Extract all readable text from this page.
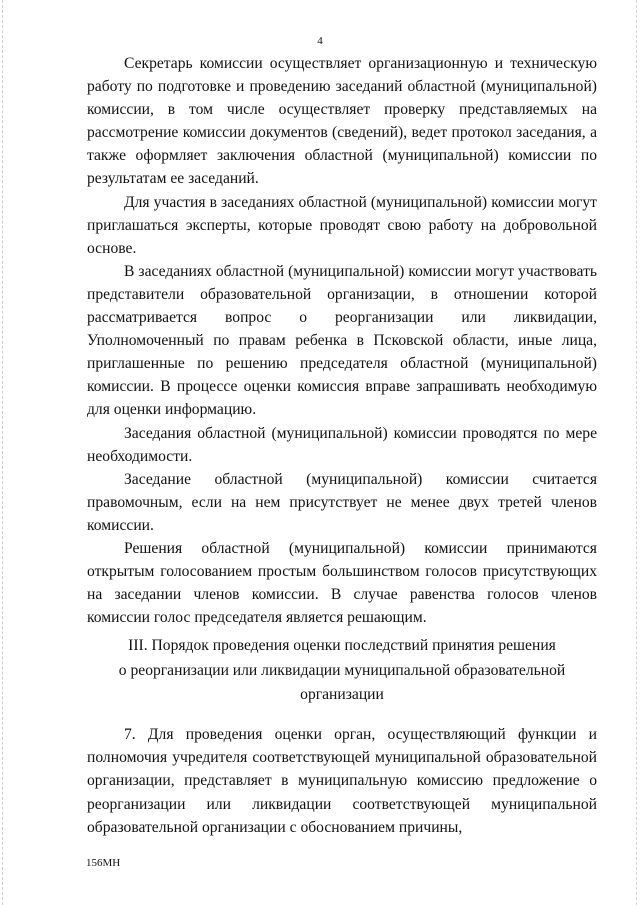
4

Секретарь комиссии осуществляет организационную и техническую работу по подготовке и проведению заседаний областной (муниципальной) комиссии, в том числе осуществляет проверку представляемых на рассмотрение комиссии документов (сведений), ведет протокол заседания, а также оформляет заключения областной (муниципальной) комиссии по результатам ее заседаний.

Для участия в заседаниях областной (муниципальной) комиссии могут приглашаться эксперты, которые проводят свою работу на добровольной основе.

В заседаниях областной (муниципальной) комиссии могут участвовать представители образовательной организации, в отношении которой рассматривается вопрос о реорганизации или ликвидации, Уполномоченный по правам ребенка в Псковской области, иные лица, приглашенные по решению председателя областной (муниципальной) комиссии. В процессе оценки комиссия вправе запрашивать необходимую для оценки информацию.

Заседания областной (муниципальной) комиссии проводятся по мере необходимости.

Заседание областной (муниципальной) комиссии считается правомочным, если на нем присутствует не менее двух третей членов комиссии.

Решения областной (муниципальной) комиссии принимаются открытым голосованием простым большинством голосов присутствующих на заседании членов комиссии. В случае равенства голосов членов комиссии голос председателя является решающим.

III. Порядок проведения оценки последствий принятия решения
о реорганизации или ликвидации муниципальной образовательной
организации

7. Для проведения оценки орган, осуществляющий функции и полномочия учредителя соответствующей муниципальной образовательной организации, представляет в муниципальную комиссию предложение о реорганизации или ликвидации соответствующей муниципальной образовательной организации с обоснованием причины,

156МН
